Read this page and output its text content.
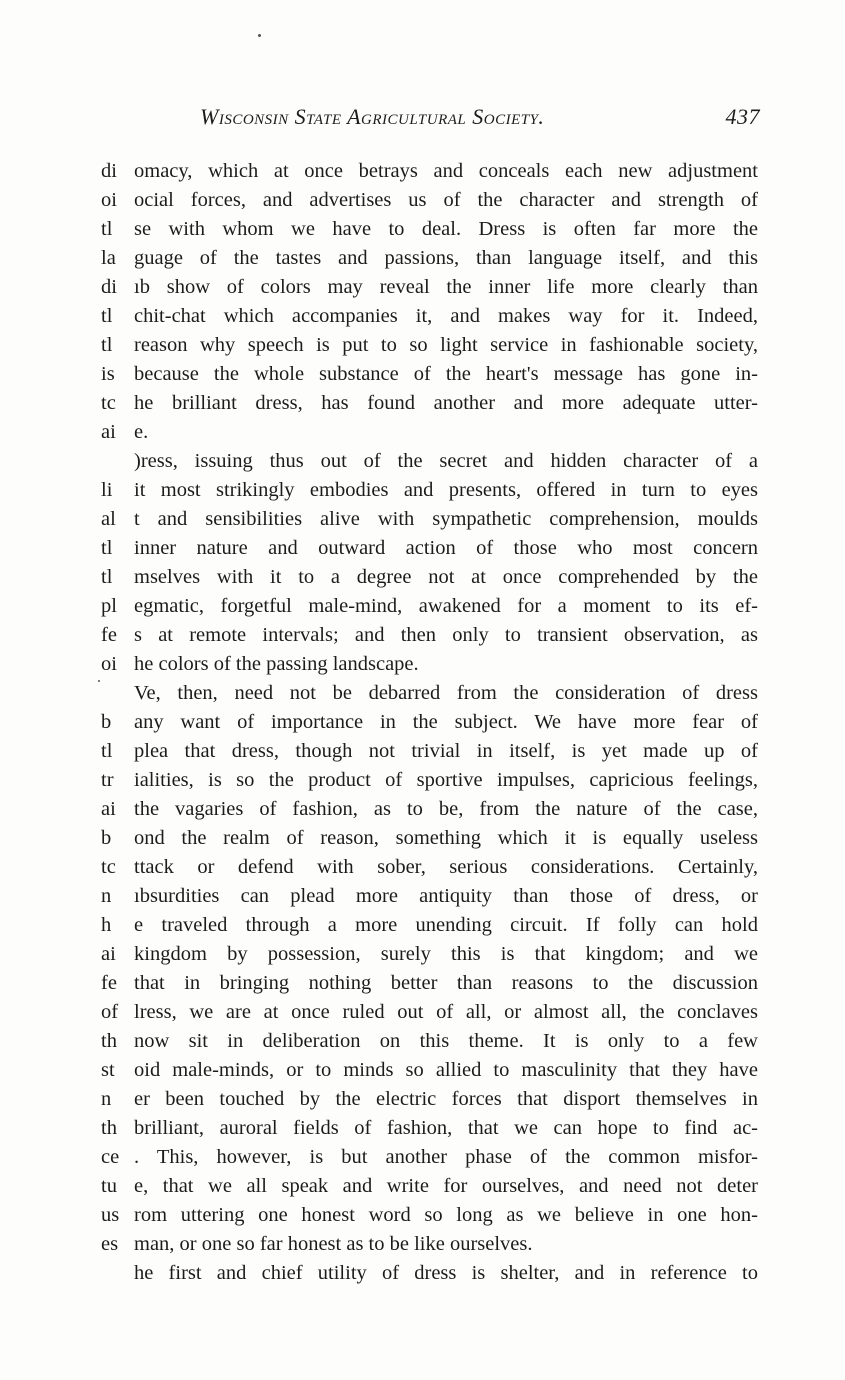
Wisconsin State Agricultural Society.	437
di
oi
tl
la
di
tl
tl
is
tc
ai
li
al
tl
tl
pl
fe
oi
b
tl
tr
ai
b
tc
n
h
ai
fe
of
th
st
n
th
ce
tu
us
es
omacy, which at once betrays and conceals each new adjustment
ocial forces, and advertises us of the character and strength of
se with whom we have to deal. Dress is often far more the
guage of the tastes and passions, than language itself, and this
ıb show of colors may reveal the inner life more clearly than
chit-chat which accompanies it, and makes way for it. Indeed,
reason why speech is put to so light service in fashionable society,
because the whole substance of the heart's message has gone in-
he brilliant dress, has found another and more adequate utter-
e.
)ress, issuing thus out of the secret and hidden character of a
it most strikingly embodies and presents, offered in turn to eyes
t and sensibilities alive with sympathetic comprehension, moulds
inner nature and outward action of those who most concern
mselves with it to a degree not at once comprehended by the
egmatic, forgetful male-mind, awakened for a moment to its ef-
s at remote intervals; and then only to transient observation, as
he colors of the passing landscape.
Ve, then, need not be debarred from the consideration of dress
any want of importance in the subject. We have more fear of
plea that dress, though not trivial in itself, is yet made up of
ialities, is so the product of sportive impulses, capricious feelings,
the vagaries of fashion, as to be, from the nature of the case,
ond the realm of reason, something which it is equally useless
ttack or defend with sober, serious considerations. Certainly,
ıbsurdities can plead more antiquity than those of dress, or
e traveled through a more unending circuit. If folly can hold
kingdom by possession, surely this is that kingdom; and we
that in bringing nothing better than reasons to the discussion
lress, we are at once ruled out of all, or almost all, the conclaves
now sit in deliberation on this theme. It is only to a few
oid male-minds, or to minds so allied to masculinity that they have
er been touched by the electric forces that disport themselves in
brilliant, auroral fields of fashion, that we can hope to find ac-
. This, however, is but another phase of the common misfor-
e, that we all speak and write for ourselves, and need not deter
rom uttering one honest word so long as we believe in one hon-
man, or one so far honest as to be like ourselves.
he first and chief utility of dress is shelter, and in reference to
